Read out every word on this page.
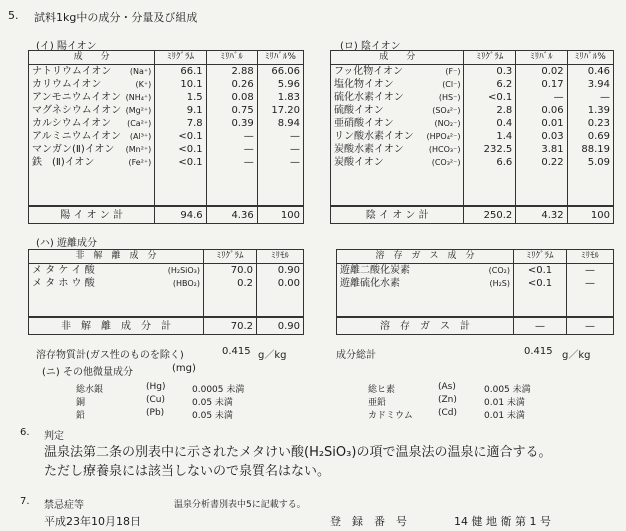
5. 試料1kg中の成分・分量及び組成
(イ) 陽イオン
成　　分	ﾐﾘｸﾞﾗﾑ	ﾐﾘﾊﾞﾙ	ﾐﾘﾊﾞﾙ%
ナトリウムイオン (Na⁺)	66.1	2.88	66.06
カリウムイオン (K⁺)	10.1	0.26	5.96
アンモニウムイオン (NH₄⁺)	1.5	0.08	1.83
マグネシウムイオン (Mg²⁺)	9.1	0.75	17.20
カルシウムイオン (Ca²⁺)	7.8	0.39	8.94
アルミニウムイオン (Al³⁺)	<0.1	—	—
マンガン(Ⅱ)イオン (Mn²⁺)	<0.1	—	—
鉄　(Ⅱ)イオン (Fe²⁺)	<0.1	—	—

陽 イ オ ン 計	94.6	4.36	100
(ロ) 陰イオン
成　　分	ﾐﾘｸﾞﾗﾑ	ﾐﾘﾊﾞﾙ	ﾐﾘﾊﾞﾙ%
フッ化物イオン (F⁻)	0.3	0.02	0.46
塩化物イオン (Cl⁻)	6.2	0.17	3.94
硫化水素イオン (HS⁻)	<0.1	—	—
硫酸イオン (SO₄²⁻)	2.8	0.06	1.39
亜硝酸イオン (NO₂⁻)	0.4	0.01	0.23
リン酸水素イオン (HPO₄²⁻)	1.4	0.03	0.69
炭酸水素イオン (HCO₃⁻)	232.5	3.81	88.19
炭酸イオン (CO₃²⁻)	6.6	0.22	5.09

陰 イ オ ン 計	250.2	4.32	100
(ハ) 遊離成分
非　解　離　成　分	ﾐﾘｸﾞﾗﾑ	ﾐﾘﾓﾙ
メ タ ケ イ 酸 (H₂SiO₃)	70.0	0.90
メ タ ホ ウ 酸 (HBO₂)	0.2	0.00

非　解　離　成　分　計	70.2	0.90
溶　存　ガ　ス　成　分	ﾐﾘｸﾞﾗﾑ	ﾐﾘﾓﾙ
遊離二酸化炭素 (CO₂)	<0.1	—
遊離硫化水素 (H₂S)	<0.1	—

溶　存　ガ　ス　計	—	—
溶存物質計(ガス性のものを除く)	0.415 g／kg	成分総計	0.415 g／kg
(ニ) その他微量成分	(mg)
総水銀	(Hg)	0.0005 未満
銅	(Cu)	0.05 未満
鉛	(Pb)	0.05 未満
総ヒ素	(As)	0.005 未満
亜鉛	(Zn)	0.01 未満
カドミウム	(Cd)	0.01 未満
6. 判定
温泉法第二条の別表中に示されたメタけい酸(H₂SiO₃)の項で温泉法の温泉に適合する。
ただし療養泉には該当しないので泉質名はない。
7. 禁忌症等	温泉分析書別表中5に記載する。
平成23年10月18日	登　録　番　号	14 健 地 衛 第 1 号
